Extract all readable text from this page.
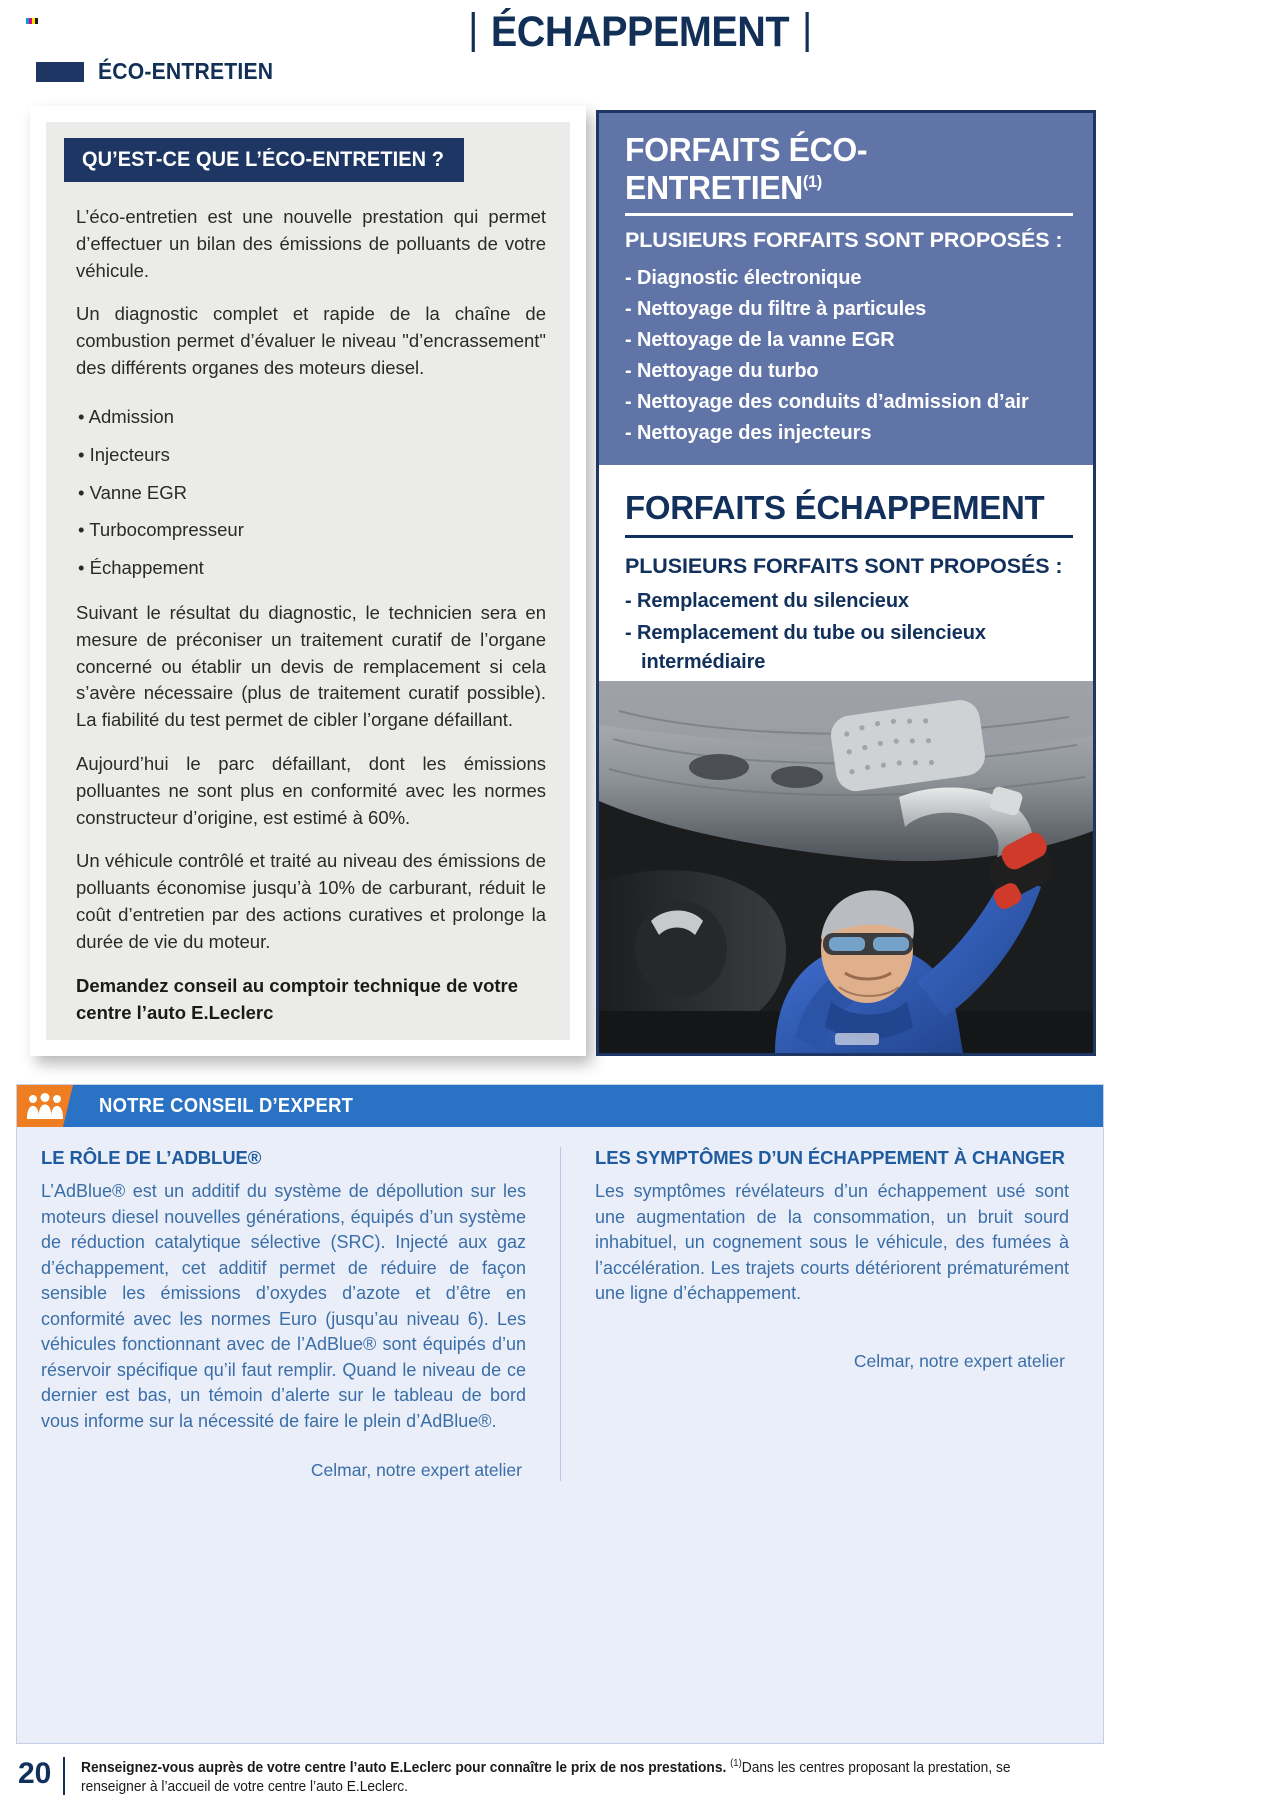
| ÉCHAPPEMENT |
ÉCO-ENTRETIEN
QU’EST-CE QUE L’ÉCO-ENTRETIEN ?

L’éco-entretien est une nouvelle prestation qui permet d’effectuer un bilan des émissions de polluants de votre véhicule.

Un diagnostic complet et rapide de la chaîne de combustion permet d’évaluer le niveau "d’encrassement" des différents organes des moteurs diesel.

• Admission
• Injecteurs
• Vanne EGR
• Turbocompresseur
• Échappement

Suivant le résultat du diagnostic, le technicien sera en mesure de préconiser un traitement curatif de l’organe concerné ou établir un devis de remplacement si cela s’avère nécessaire (plus de traitement curatif possible). La fiabilité du test permet de cibler l’organe défaillant.

Aujourd’hui le parc défaillant, dont les émissions polluantes ne sont plus en conformité avec les normes constructeur d’origine, est estimé à 60%.

Un véhicule contrôlé et traité au niveau des émissions de polluants économise jusqu’à 10% de carburant, réduit le coût d’entretien par des actions curatives et prolonge la durée de vie du moteur.

Demandez conseil au comptoir technique de votre centre l’auto E.Leclerc

FORFAITS ÉCO-ENTRETIEN$^{(1)}$
PLUSIEURS FORFAITS SONT PROPOSÉS :
- Diagnostic électronique
- Nettoyage du filtre à particules
- Nettoyage de la vanne EGR
- Nettoyage du turbo
- Nettoyage des conduits d’admission d’air
- Nettoyage des injecteurs
FORFAITS ÉCHAPPEMENT
PLUSIEURS FORFAITS SONT PROPOSÉS :
- Remplacement du silencieux
- Remplacement du tube ou silencieux
intermédiaire
NOTRE CONSEIL D’EXPERT
LE RÔLE DE L’ADBLUE®

L’AdBlue® est un additif du système de dépollution sur les moteurs diesel nouvelles générations, équipés d’un système de réduction catalytique sélective (SRC). Injecté aux gaz d’échappement, cet additif permet de réduire de façon sensible les émissions d’oxydes d’azote et d’être en conformité avec les normes Euro (jusqu’au niveau 6). Les véhicules fonctionnant avec de l’AdBlue® sont équipés d’un réservoir spécifique qu’il faut remplir. Quand le niveau de ce dernier est bas, un témoin d’alerte sur le tableau de bord vous informe sur la nécessité de faire le plein d’AdBlue®.

Celmar, notre expert atelier
LES SYMPTÔMES D’UN ÉCHAPPEMENT À CHANGER

Les symptômes révélateurs d’un échappement usé sont une augmentation de la consommation, un bruit sourd inhabituel, un cognement sous le véhicule, des fumées à l’accélération. Les trajets courts détériorent prématurément une ligne d’échappement.

Celmar, notre expert atelier
20 Renseignez-vous auprès de votre centre l’auto E.Leclerc pour connaître le prix de nos prestations. $^{(1)}$Dans les centres proposant la prestation, se renseigner à l’accueil de votre centre l’auto E.Leclerc.
